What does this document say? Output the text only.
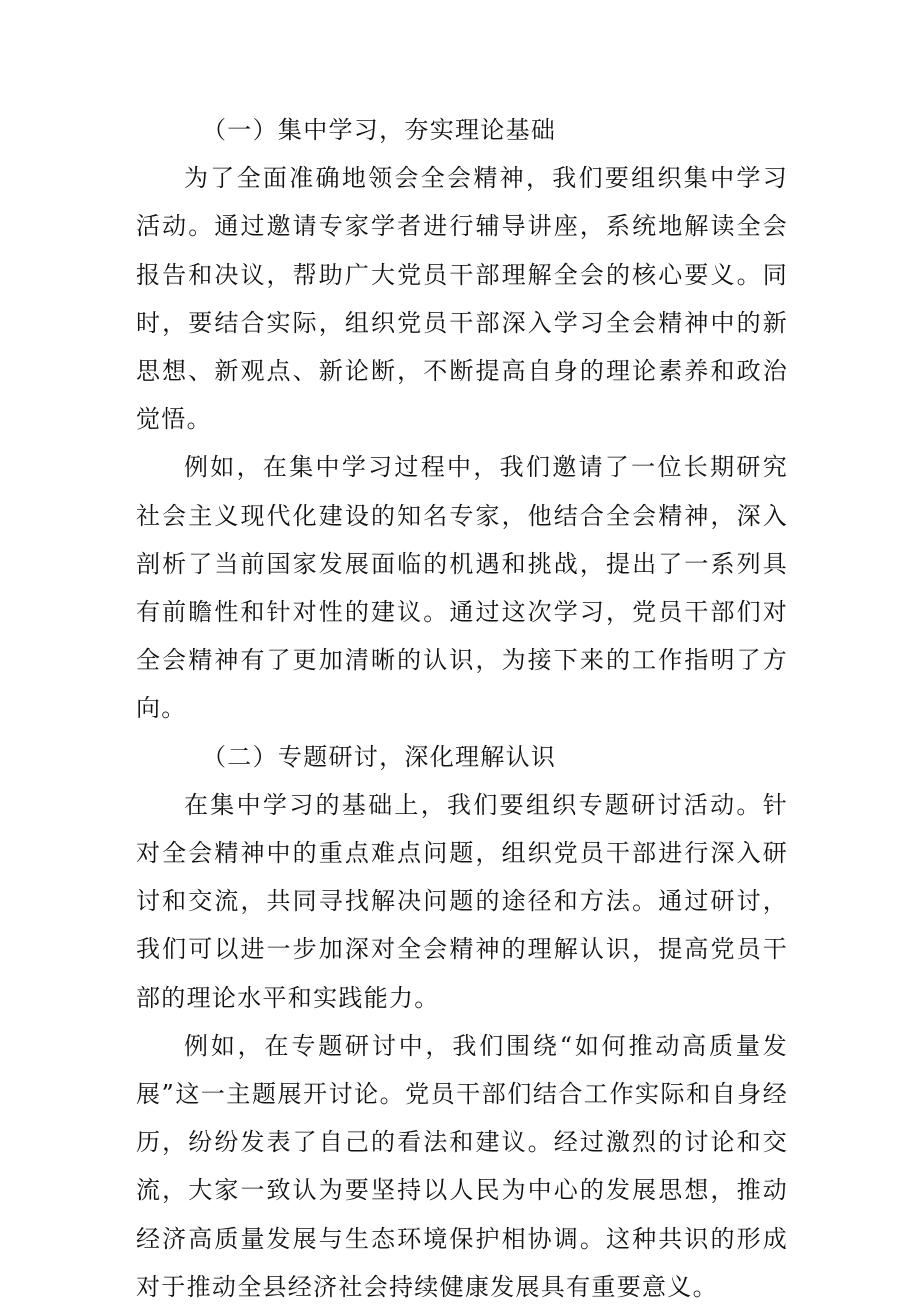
（一）集中学习，夯实理论基础

为了全面准确地领会全会精神，我们要组织集中学习活动。通过邀请专家学者进行辅导讲座，系统地解读全会报告和决议，帮助广大党员干部理解全会的核心要义。同时，要结合实际，组织党员干部深入学习全会精神中的新思想、新观点、新论断，不断提高自身的理论素养和政治觉悟。

例如，在集中学习过程中，我们邀请了一位长期研究社会主义现代化建设的知名专家，他结合全会精神，深入剖析了当前国家发展面临的机遇和挑战，提出了一系列具有前瞻性和针对性的建议。通过这次学习，党员干部们对全会精神有了更加清晰的认识，为接下来的工作指明了方向。

（二）专题研讨，深化理解认识

在集中学习的基础上，我们要组织专题研讨活动。针对全会精神中的重点难点问题，组织党员干部进行深入研讨和交流，共同寻找解决问题的途径和方法。通过研讨，我们可以进一步加深对全会精神的理解认识，提高党员干部的理论水平和实践能力。

例如，在专题研讨中，我们围绕“如何推动高质量发展”这一主题展开讨论。党员干部们结合工作实际和自身经历，纷纷发表了自己的看法和建议。经过激烈的讨论和交流，大家一致认为要坚持以人民为中心的发展思想，推动经济高质量发展与生态环境保护相协调。这种共识的形成对于推动全县经济社会持续健康发展具有重要意义。
